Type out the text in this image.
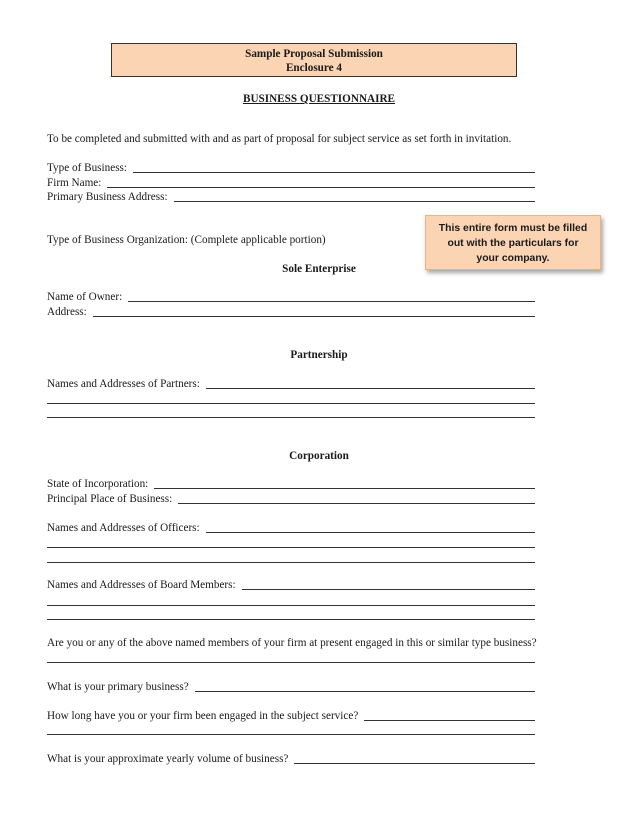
Sample Proposal Submission
Enclosure 4
BUSINESS QUESTIONNAIRE
To be completed and submitted with and as part of proposal for subject service as set forth in invitation.
Type of Business:
Firm Name:
Primary Business Address:
Type of Business Organization: (Complete applicable portion)
This entire form must be filled
out with the particulars for
your company.
Sole Enterprise
Name of Owner:
Address:
Partnership
Names and Addresses of Partners:
Corporation
State of Incorporation:
Principal Place of Business:
Names and Addresses of Officers:
Names and Addresses of Board Members:
Are you or any of the above named members of your firm at present engaged in this or similar type business?
What is your primary business?
How long have you or your firm been engaged in the subject service?
What is your approximate yearly volume of business?
